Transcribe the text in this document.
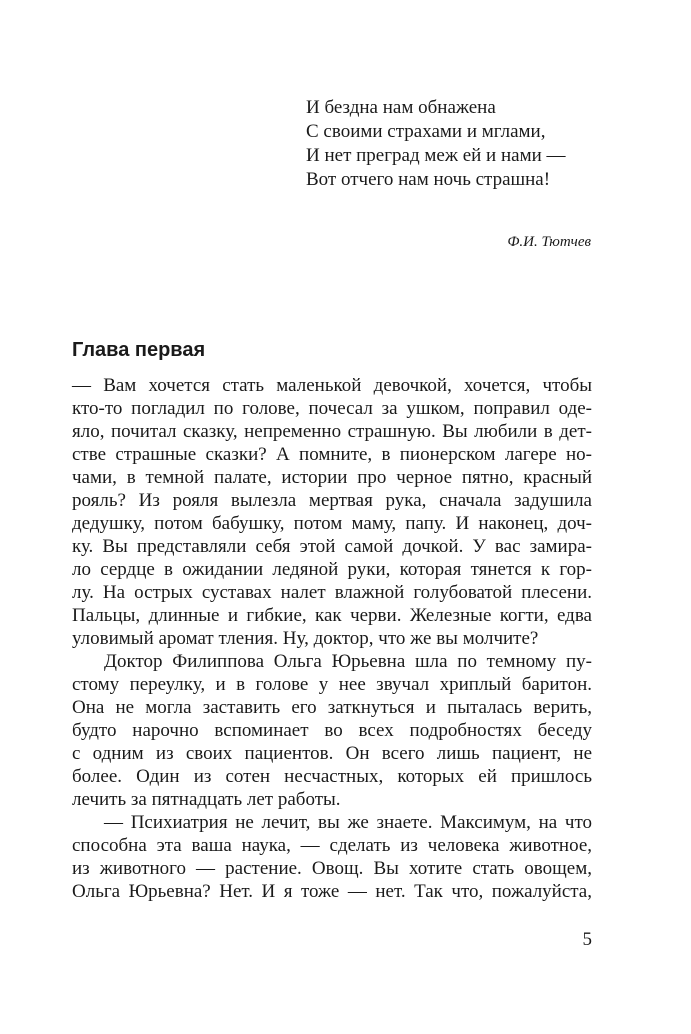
И бездна нам обнажена
С своими страхами и мглами,
И нет преград меж ей и нами —
Вот отчего нам ночь страшна!
Ф.И. Тютчев
Глава первая
— Вам хочется стать маленькой девочкой, хочется, чтобы
кто-то погладил по голове, почесал за ушком, поправил оде-
яло, почитал сказку, непременно страшную. Вы любили в дет-
стве страшные сказки? А помните, в пионерском лагере но-
чами, в темной палате, истории про черное пятно, красный
рояль? Из рояля вылезла мертвая рука, сначала задушила
дедушку, потом бабушку, потом маму, папу. И наконец, доч-
ку. Вы представляли себя этой самой дочкой. У вас замира-
ло сердце в ожидании ледяной руки, которая тянется к гор-
лу. На острых суставах налет влажной голубоватой плесени.
Пальцы, длинные и гибкие, как черви. Железные когти, едва
уловимый аромат тления. Ну, доктор, что же вы молчите?
Доктор Филиппова Ольга Юрьевна шла по темному пу-
стому переулку, и в голове у нее звучал хриплый баритон.
Она не могла заставить его заткнуться и пыталась верить,
будто нарочно вспоминает во всех подробностях беседу
с одним из своих пациентов. Он всего лишь пациент, не
более. Один из сотен несчастных, которых ей пришлось
лечить за пятнадцать лет работы.
— Психиатрия не лечит, вы же знаете. Максимум, на что
способна эта ваша наука, — сделать из человека животное,
из животного — растение. Овощ. Вы хотите стать овощем,
Ольга Юрьевна? Нет. И я тоже — нет. Так что, пожалуйста,
5
